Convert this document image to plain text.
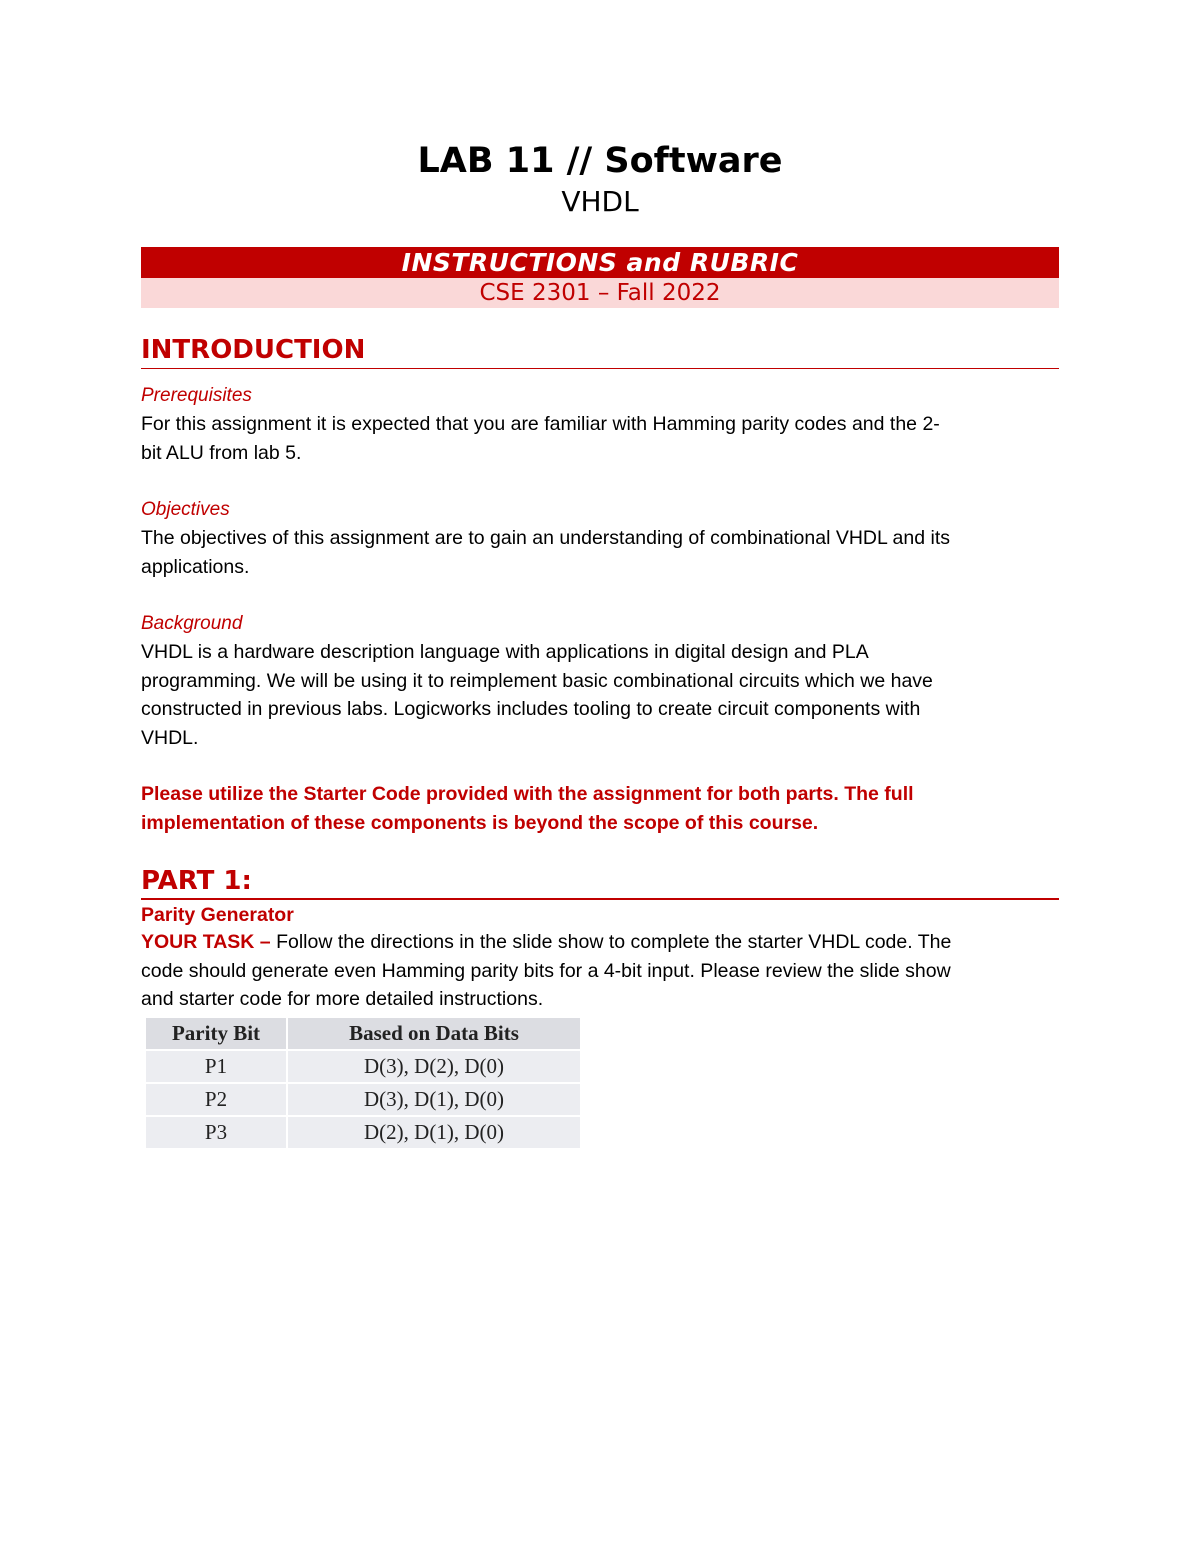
LAB 11 // Software
VHDL
INSTRUCTIONS and RUBRIC
CSE 2301 – Fall 2022
INTRODUCTION
Prerequisites
For this assignment it is expected that you are familiar with Hamming parity codes and the 2-
bit ALU from lab 5.
Objectives
The objectives of this assignment are to gain an understanding of combinational VHDL and its
applications.
Background
VHDL is a hardware description language with applications in digital design and PLA
programming. We will be using it to reimplement basic combinational circuits which we have
constructed in previous labs. Logicworks includes tooling to create circuit components with
VHDL.
Please utilize the Starter Code provided with the assignment for both parts. The full
implementation of these components is beyond the scope of this course.
PART 1:
Parity Generator
YOUR TASK – Follow the directions in the slide show to complete the starter VHDL code. The
code should generate even Hamming parity bits for a 4-bit input. Please review the slide show
and starter code for more detailed instructions.
Parity Bit	Based on Data Bits
P1	D(3), D(2), D(0)
P2	D(3), D(1), D(0)
P3	D(2), D(1), D(0)
